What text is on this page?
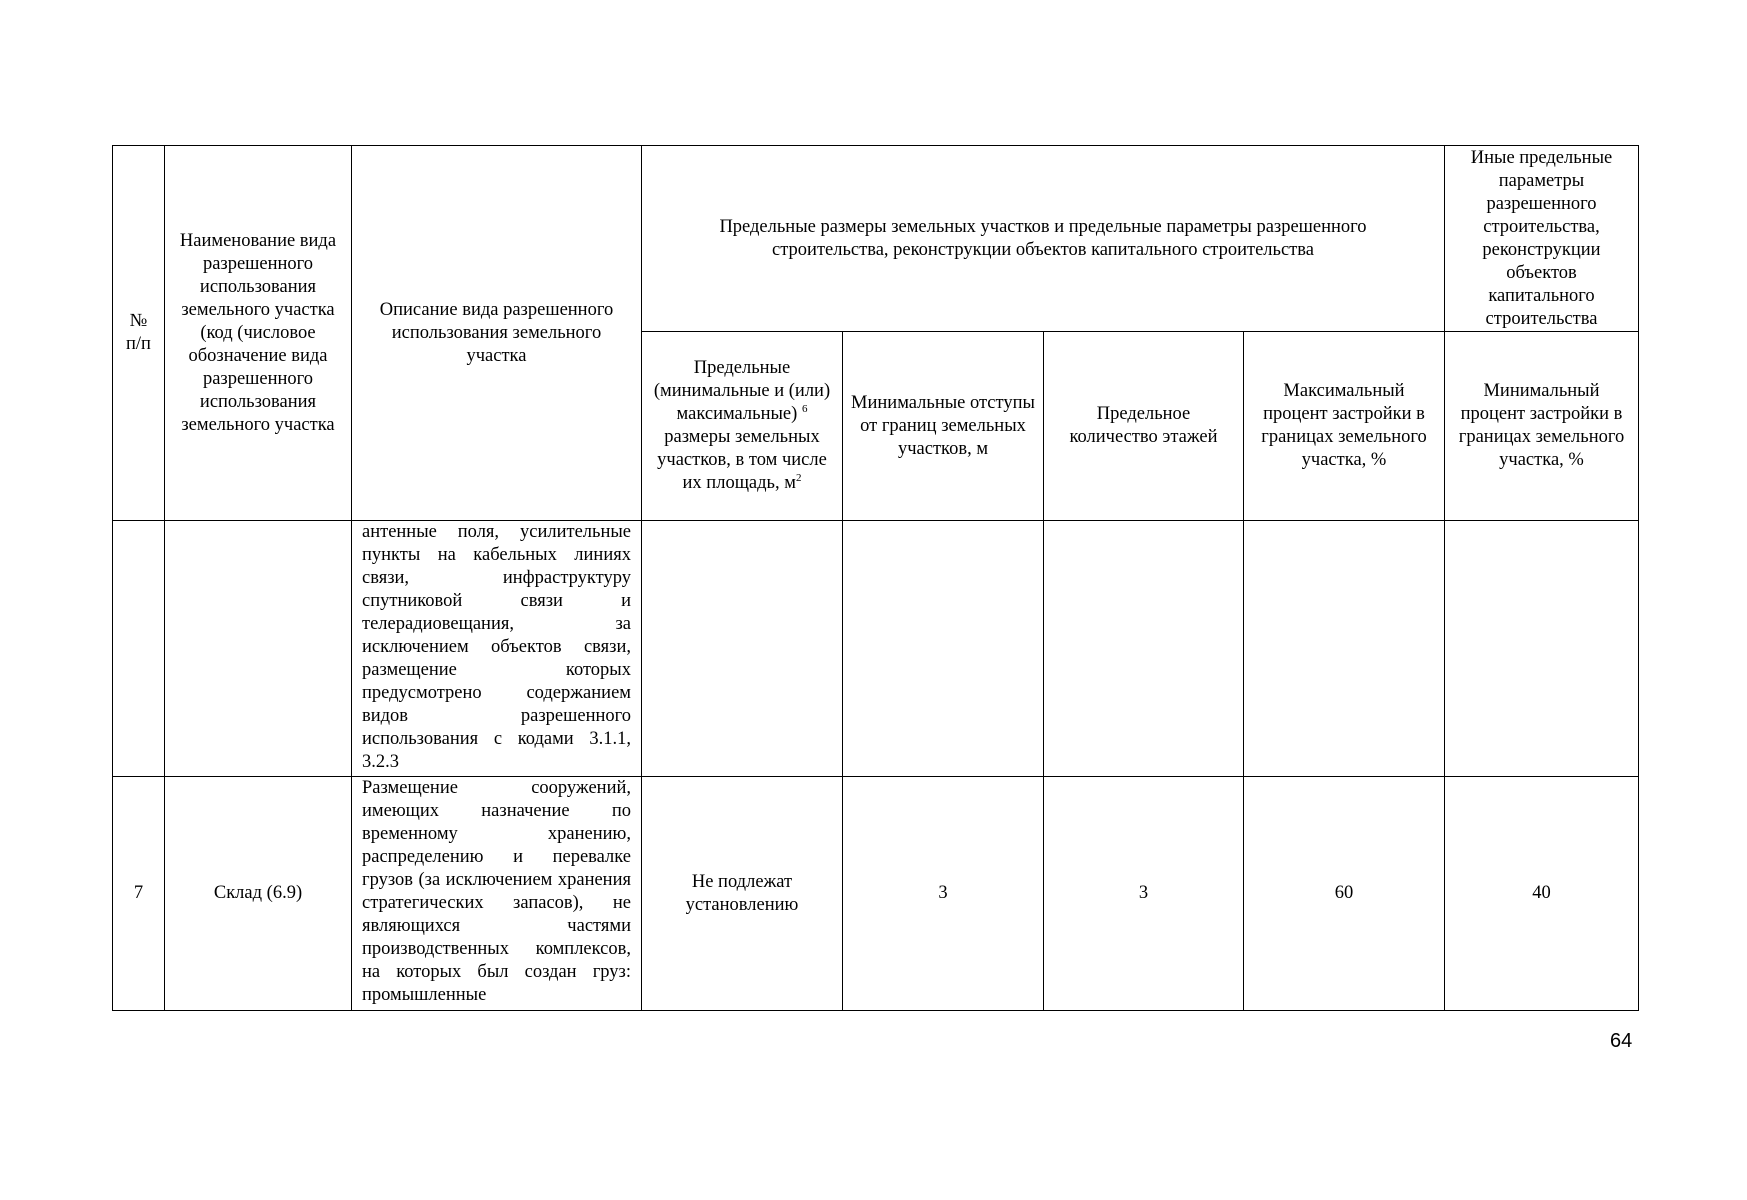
№ п/п	Наименование вида разрешенного использования земельного участка (код (числовое обозначение вида разрешенного использования земельного участка	Описание вида разрешенного использования земельного участка	Предельные размеры земельных участков и предельные параметры разрешенного строительства, реконструкции объектов капитального строительства				Иные предельные параметры разрешенного строительства, реконструкции объектов капитального строительства
			Предельные (минимальные и (или) максимальные) $^6$ размеры земельных участков, в том числе их площадь, $м^2$	Минимальные отступы от границ земельных участков, м	Предельное количество этажей	Максимальный процент застройки в границах земельного участка, %	Минимальный процент застройки в границах земельного участка, %
		антенные поля, усилительные пункты на кабельных линиях связи, инфраструктуру спутниковой связи и телерадиовещания, за исключением объектов связи, размещение которых предусмотрено содержанием видов разрешенного использования с кодами 3.1.1, 3.2.3					
7	Склад (6.9)	Размещение сооружений, имеющих назначение по временному хранению, распределению и перевалке грузов (за исключением хранения стратегических запасов), не являющихся частями производственных комплексов, на которых был создан груз: промышленные	Не подлежат установлению	3	3	60	40
64
